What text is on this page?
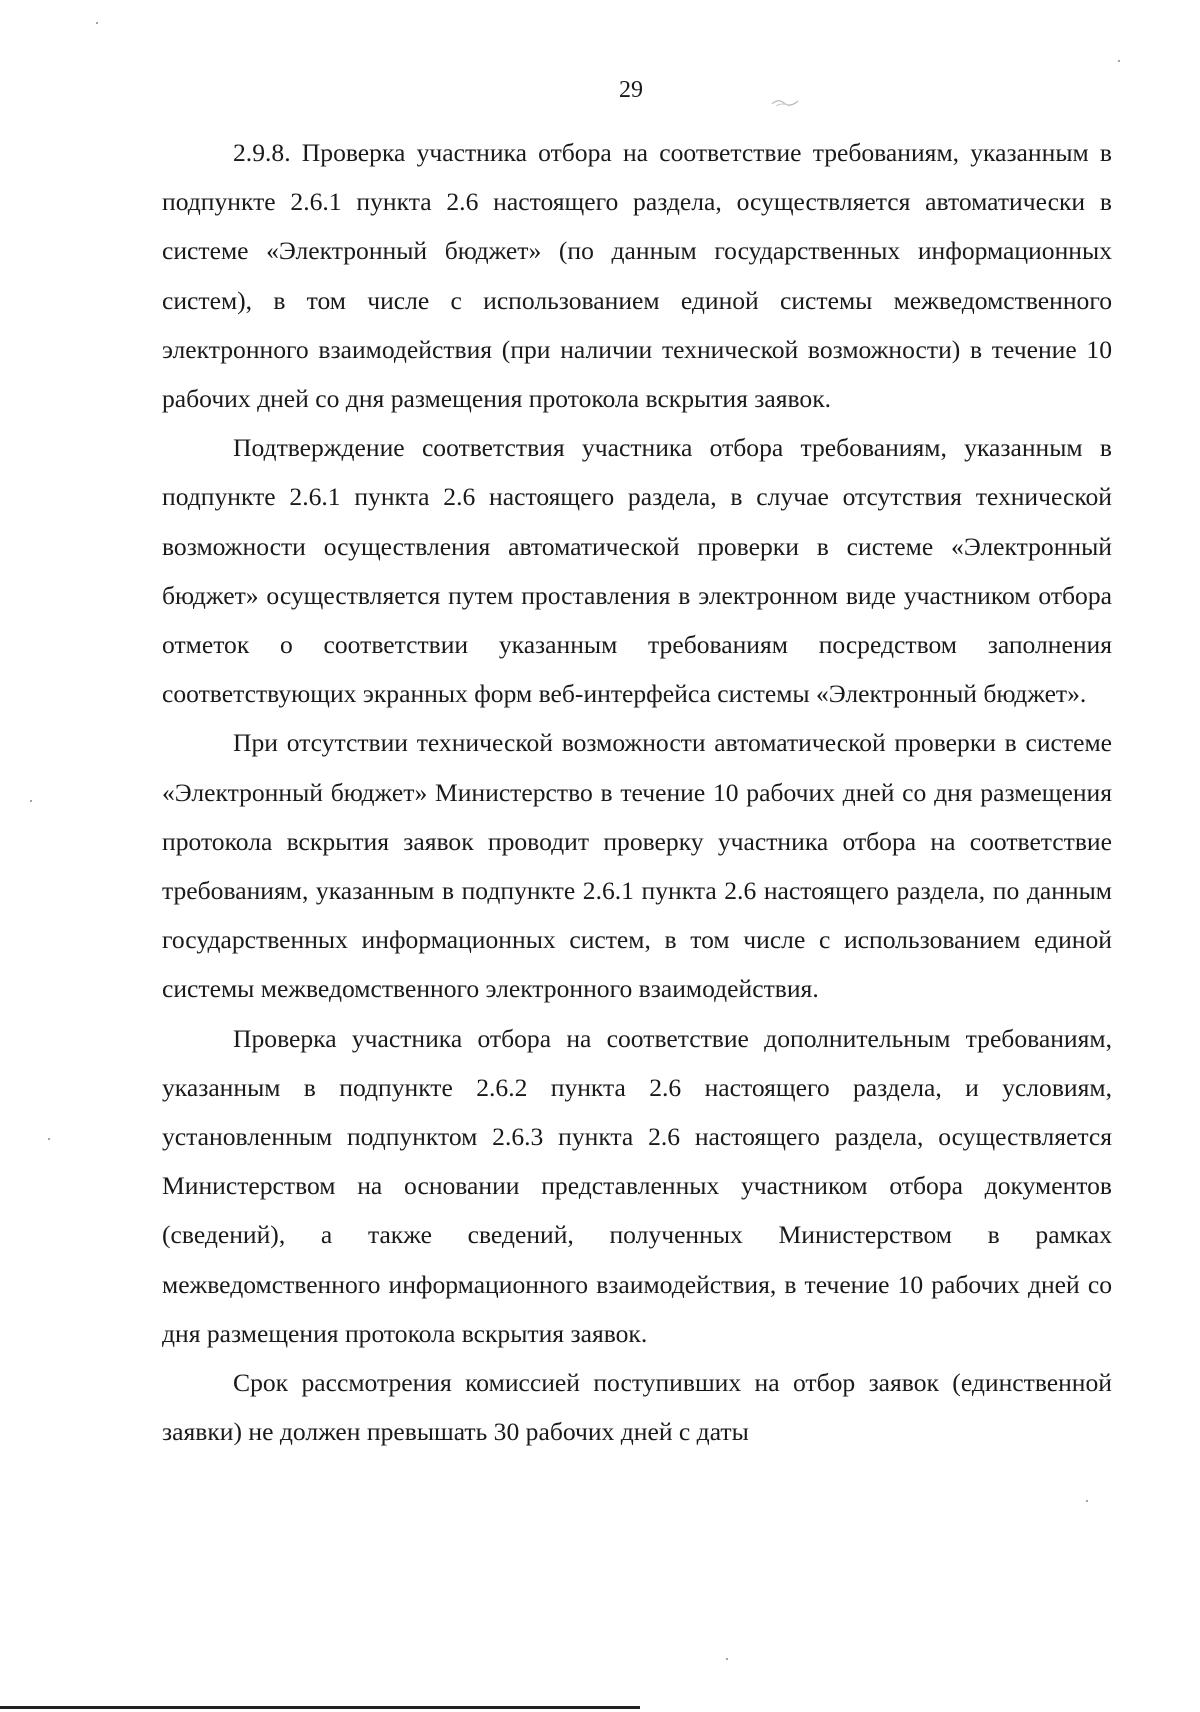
29

2.9.8. Проверка участника отбора на соответствие требованиям, указанным в подпункте 2.6.1 пункта 2.6 настоящего раздела, осуществляется автоматически в системе «Электронный бюджет» (по данным государственных информационных систем), в том числе с использованием единой системы межведомственного электронного взаимодействия (при наличии технической возможности) в течение 10 рабочих дней со дня размещения протокола вскрытия заявок.

Подтверждение соответствия участника отбора требованиям, указанным в подпункте 2.6.1 пункта 2.6 настоящего раздела, в случае отсутствия технической возможности осуществления автоматической проверки в системе «Электронный бюджет» осуществляется путем проставления в электронном виде участником отбора отметок о соответствии указанным требованиям посредством заполнения соответствующих экранных форм веб-интерфейса системы «Электронный бюджет».

При отсутствии технической возможности автоматической проверки в системе «Электронный бюджет» Министерство в течение 10 рабочих дней со дня размещения протокола вскрытия заявок проводит проверку участника отбора на соответствие требованиям, указанным в подпункте 2.6.1 пункта 2.6 настоящего раздела, по данным государственных информационных систем, в том числе с использованием единой системы межведомственного электронного взаимодействия.

Проверка участника отбора на соответствие дополнительным требованиям, указанным в подпункте 2.6.2 пункта 2.6 настоящего раздела, и условиям, установленным подпунктом 2.6.3 пункта 2.6 настоящего раздела, осуществляется Министерством на основании представленных участником отбора документов (сведений), а также сведений, полученных Министерством в рамках межведомственного информационного взаимодействия, в течение 10 рабочих дней со дня размещения протокола вскрытия заявок.

Срок рассмотрения комиссией поступивших на отбор заявок (единственной заявки) не должен превышать 30 рабочих дней с даты
